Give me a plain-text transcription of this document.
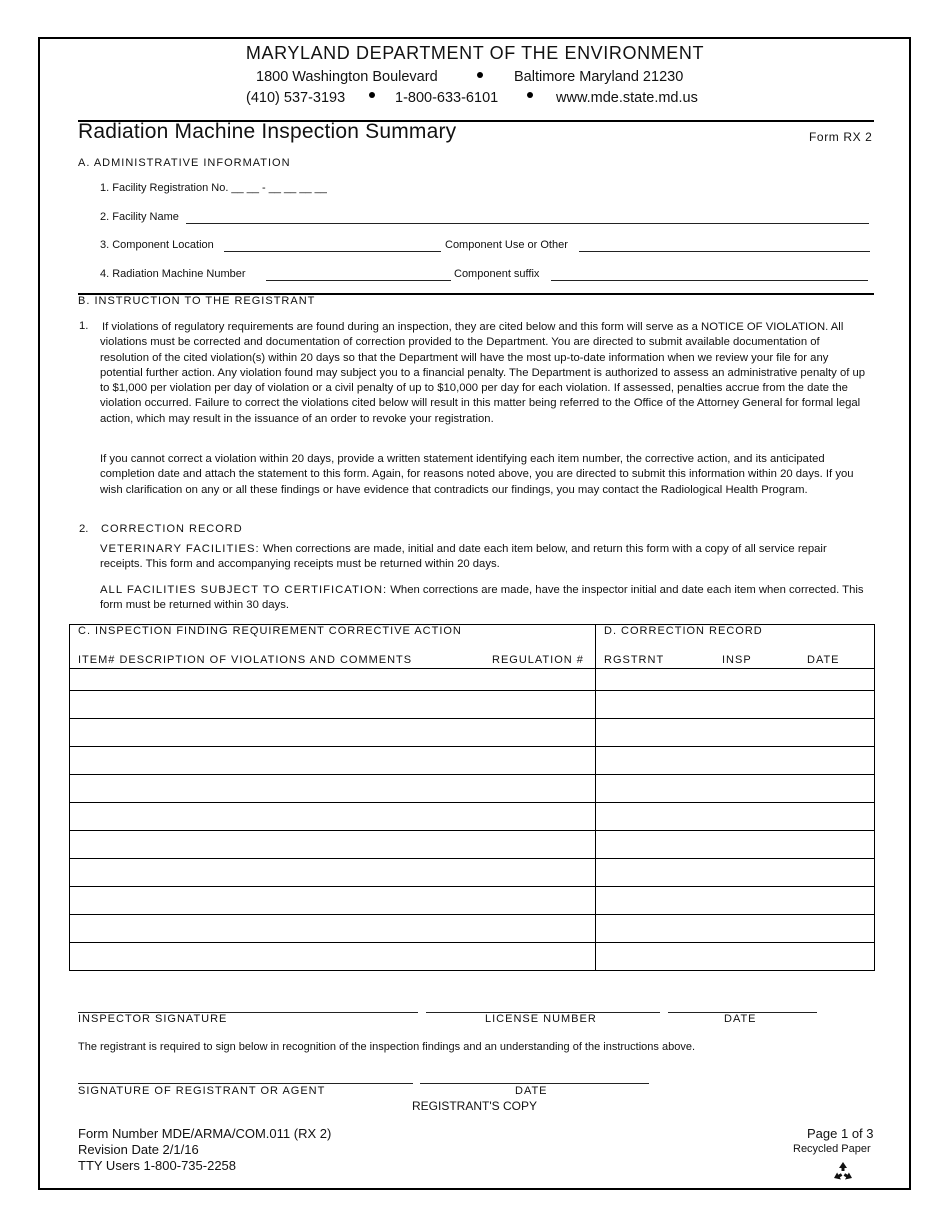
MARYLAND DEPARTMENT OF THE ENVIRONMENT
1800 Washington Boulevard	Baltimore Maryland 21230
(410) 537-3193	1-800-633-6101	www.mde.state.md.us
Radiation Machine Inspection Summary	Form RX 2
A. ADMINISTRATIVE INFORMATION
1. Facility Registration No. __ __ - __ __ __ __
2. Facility Name
3. Component Location	Component Use or Other
4. Radiation Machine Number	Component suffix
B. INSTRUCTION TO THE REGISTRANT
1. If violations of regulatory requirements are found during an inspection, they are cited below and this form will serve as a NOTICE OF VIOLATION. All violations must be corrected and documentation of correction provided to the Department. You are directed to submit available documentation of resolution of the cited violation(s) within 20 days so that the Department will have the most up-to-date information when we review your file for any potential further action. Any violation found may subject you to a financial penalty. The Department is authorized to assess an administrative penalty of up to $1,000 per violation per day of violation or a civil penalty of up to $10,000 per day for each violation. If assessed, penalties accrue from the date the violation occurred. Failure to correct the violations cited below will result in this matter being referred to the Office of the Attorney General for formal legal action, which may result in the issuance of an order to revoke your registration.
If you cannot correct a violation within 20 days, provide a written statement identifying each item number, the corrective action, and its anticipated completion date and attach the statement to this form. Again, for reasons noted above, you are directed to submit this information within 20 days. If you wish clarification on any or all these findings or have evidence that contradicts our findings, you may contact the Radiological Health Program.
2. CORRECTION RECORD
VETERINARY FACILITIES: When corrections are made, initial and date each item below, and return this form with a copy of all service repair receipts. This form and accompanying receipts must be returned within 20 days.
ALL FACILITIES SUBJECT TO CERTIFICATION: When corrections are made, have the inspector initial and date each item when corrected. This form must be returned within 30 days.
C. INSPECTION FINDING REQUIREMENT CORRECTIVE ACTION	D. CORRECTION RECORD
ITEM# DESCRIPTION OF VIOLATIONS AND COMMENTS	REGULATION # RGSTRNT	INSP	DATE
INSPECTOR SIGNATURE	LICENSE NUMBER	DATE
The registrant is required to sign below in recognition of the inspection findings and an understanding of the instructions above.
SIGNATURE OF REGISTRANT OR AGENT	DATE
REGISTRANT'S COPY
Form Number MDE/ARMA/COM.011 (RX 2)
Revision Date 2/1/16
TTY Users 1-800-735-2258
Page 1 of 3
Recycled Paper
